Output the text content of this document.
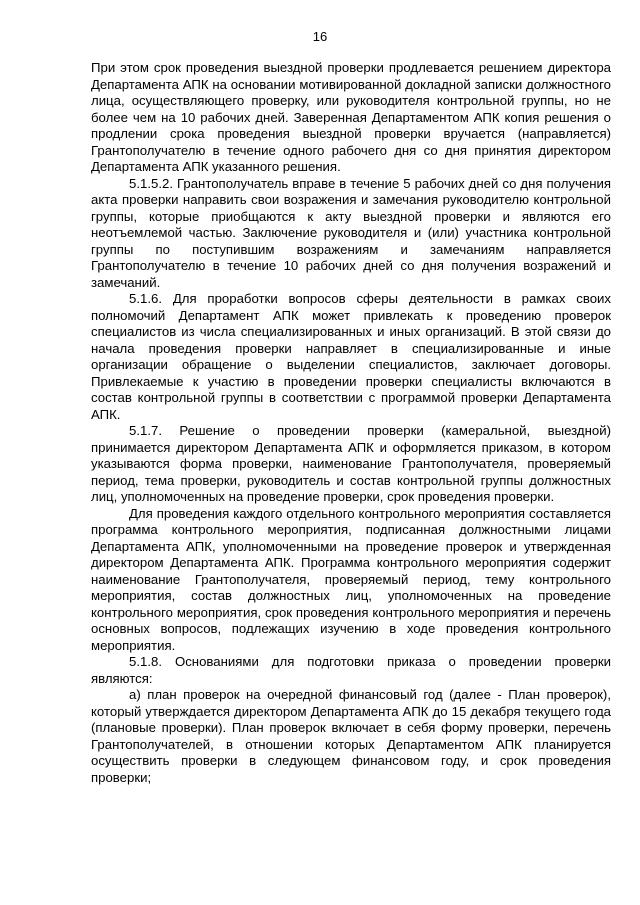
16

При этом срок проведения выездной проверки продлевается решением директора Департамента АПК на основании мотивированной докладной записки должностного лица, осуществляющего проверку, или руководителя контрольной группы, но не более чем на 10 рабочих дней. Заверенная Департаментом АПК копия решения о продлении срока проведения выездной проверки вручается (направляется) Грантополучателю в течение одного рабочего дня со дня принятия директором Департамента АПК указанного решения.

5.1.5.2. Грантополучатель вправе в течение 5 рабочих дней со дня получения акта проверки направить свои возражения и замечания руководителю контрольной группы, которые приобщаются к акту выездной проверки и являются его неотъемлемой частью. Заключение руководителя и (или) участника контрольной группы по поступившим возражениям и замечаниям направляется Грантополучателю в течение 10 рабочих дней со дня получения возражений и замечаний.

5.1.6. Для проработки вопросов сферы деятельности в рамках своих полномочий Департамент АПК может привлекать к проведению проверок специалистов из числа специализированных и иных организаций. В этой связи до начала проведения проверки направляет в специализированные и иные организации обращение о выделении специалистов, заключает договоры. Привлекаемые к участию в проведении проверки специалисты включаются в состав контрольной группы в соответствии с программой проверки Департамента АПК.

5.1.7. Решение о проведении проверки (камеральной, выездной) принимается директором Департамента АПК и оформляется приказом, в котором указываются форма проверки, наименование Грантополучателя, проверяемый период, тема проверки, руководитель и состав контрольной группы должностных лиц, уполномоченных на проведение проверки, срок проведения проверки.

Для проведения каждого отдельного контрольного мероприятия составляется программа контрольного мероприятия, подписанная должностными лицами Департамента АПК, уполномоченными на проведение проверок и утвержденная директором Департамента АПК. Программа контрольного мероприятия содержит наименование Грантополучателя, проверяемый период, тему контрольного мероприятия, состав должностных лиц, уполномоченных на проведение контрольного мероприятия, срок проведения контрольного мероприятия и перечень основных вопросов, подлежащих изучению в ходе проведения контрольного мероприятия.

5.1.8. Основаниями для подготовки приказа о проведении проверки являются:

а) план проверок на очередной финансовый год (далее - План проверок), который утверждается директором Департамента АПК до 15 декабря текущего года (плановые проверки). План проверок включает в себя форму проверки, перечень Грантополучателей, в отношении которых Департаментом АПК планируется осуществить проверки в следующем финансовом году, и срок проведения проверки;
